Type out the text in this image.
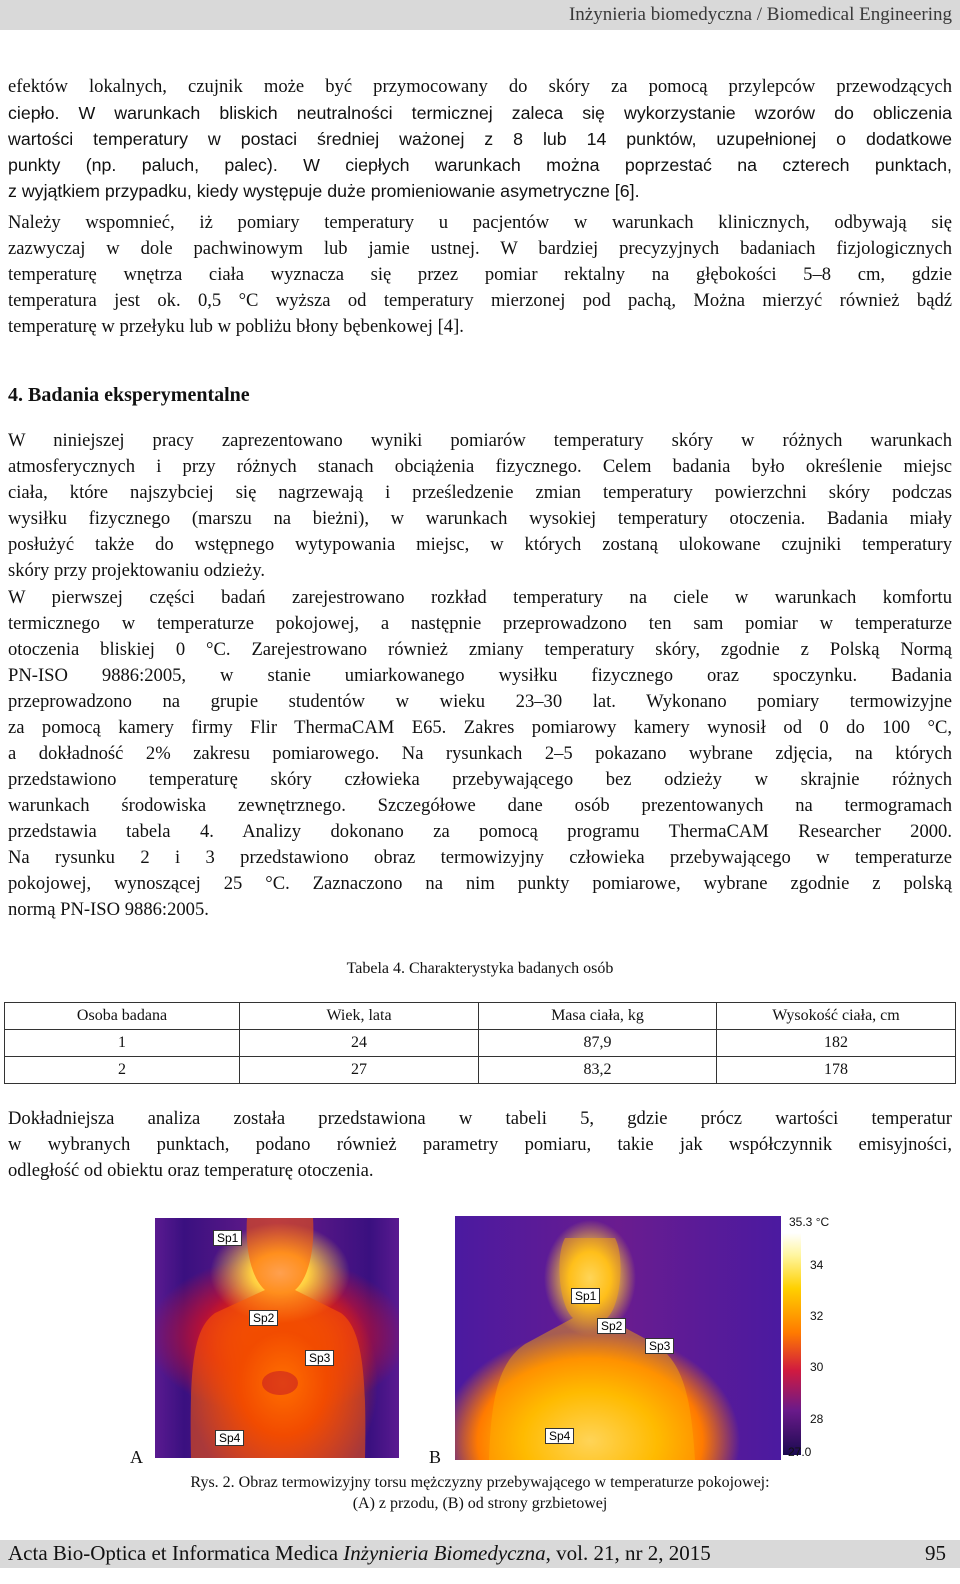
Inżynieria biomedyczna / Biomedical Engineering
efektów lokalnych, czujnik może być przymocowany do skóry za pomocą przylepców przewodzących
ciepło. W warunkach bliskich neutralności termicznej zaleca się wykorzystanie wzorów do obliczenia
wartości temperatury w postaci średniej ważonej z 8 lub 14 punktów, uzupełnionej o dodatkowe
punkty (np. paluch, palec). W ciepłych warunkach można poprzestać na czterech punktach,
z wyjątkiem przypadku, kiedy występuje duże promieniowanie asymetryczne [6].
Należy wspomnieć, iż pomiary temperatury u pacjentów w warunkach klinicznych, odbywają się
zazwyczaj w dole pachwinowym lub jamie ustnej. W bardziej precyzyjnych badaniach fizjologicznych
temperaturę wnętrza ciała wyznacza się przez pomiar rektalny na głębokości 5–8 cm, gdzie
temperatura jest ok. 0,5 °C wyższa od temperatury mierzonej pod pachą, Można mierzyć również bądź
temperaturę w przełyku lub w pobliżu błony bębenkowej [4].
4. Badania eksperymentalne
W niniejszej pracy zaprezentowano wyniki pomiarów temperatury skóry w różnych warunkach
atmosferycznych i przy różnych stanach obciążenia fizycznego. Celem badania było określenie miejsc
ciała, które najszybciej się nagrzewają i prześledzenie zmian temperatury powierzchni skóry podczas
wysiłku fizycznego (marszu na bieżni), w warunkach wysokiej temperatury otoczenia. Badania miały
posłużyć także do wstępnego wytypowania miejsc, w których zostaną ulokowane czujniki temperatury
skóry przy projektowaniu odzieży.
W pierwszej części badań zarejestrowano rozkład temperatury na ciele w warunkach komfortu
termicznego w temperaturze pokojowej, a następnie przeprowadzono ten sam pomiar w temperaturze
otoczenia bliskiej 0 °C. Zarejestrowano również zmiany temperatury skóry, zgodnie z Polską Normą
PN-ISO 9886:2005, w stanie umiarkowanego wysiłku fizycznego oraz spoczynku. Badania
przeprowadzono na grupie studentów w wieku 23–30 lat. Wykonano pomiary termowizyjne
za pomocą kamery firmy Flir ThermaCAM E65. Zakres pomiarowy kamery wynosił od 0 do 100 °C,
a dokładność 2% zakresu pomiarowego. Na rysunkach 2–5 pokazano wybrane zdjęcia, na których
przedstawiono temperaturę skóry człowieka przebywającego bez odzieży w skrajnie różnych
warunkach środowiska zewnętrznego. Szczegółowe dane osób prezentowanych na termogramach
przedstawia tabela 4. Analizy dokonano za pomocą programu ThermaCAM Researcher 2000.
Na rysunku 2 i 3 przedstawiono obraz termowizyjny człowieka przebywającego w temperaturze
pokojowej, wynoszącej 25 °C. Zaznaczono na nim punkty pomiarowe, wybrane zgodnie z polską
normą PN-ISO 9886:2005.
Tabela 4. Charakterystyka badanych osób
Osoba badana	Wiek, lata	Masa ciała, kg	Wysokość ciała, cm
1	24	87,9	182
2	27	83,2	178
Dokładniejsza analiza została przedstawiona w tabeli 5, gdzie prócz wartości temperatur
w wybranych punktach, podano również parametry pomiaru, takie jak współczynnik emisyjności,
odległość od obiektu oraz temperaturę otoczenia.
Sp1
Sp2
Sp3
Sp4
A
Sp1
Sp2
Sp3
Sp4
B
35.3 °C
34
32
30
28
27.0
Rys. 2. Obraz termowizyjny torsu mężczyzny przebywającego w temperaturze pokojowej:
(A) z przodu, (B) od strony grzbietowej
Acta Bio-Optica et Informatica Medica Inżynieria Biomedyczna, vol. 21, nr 2, 2015	95
